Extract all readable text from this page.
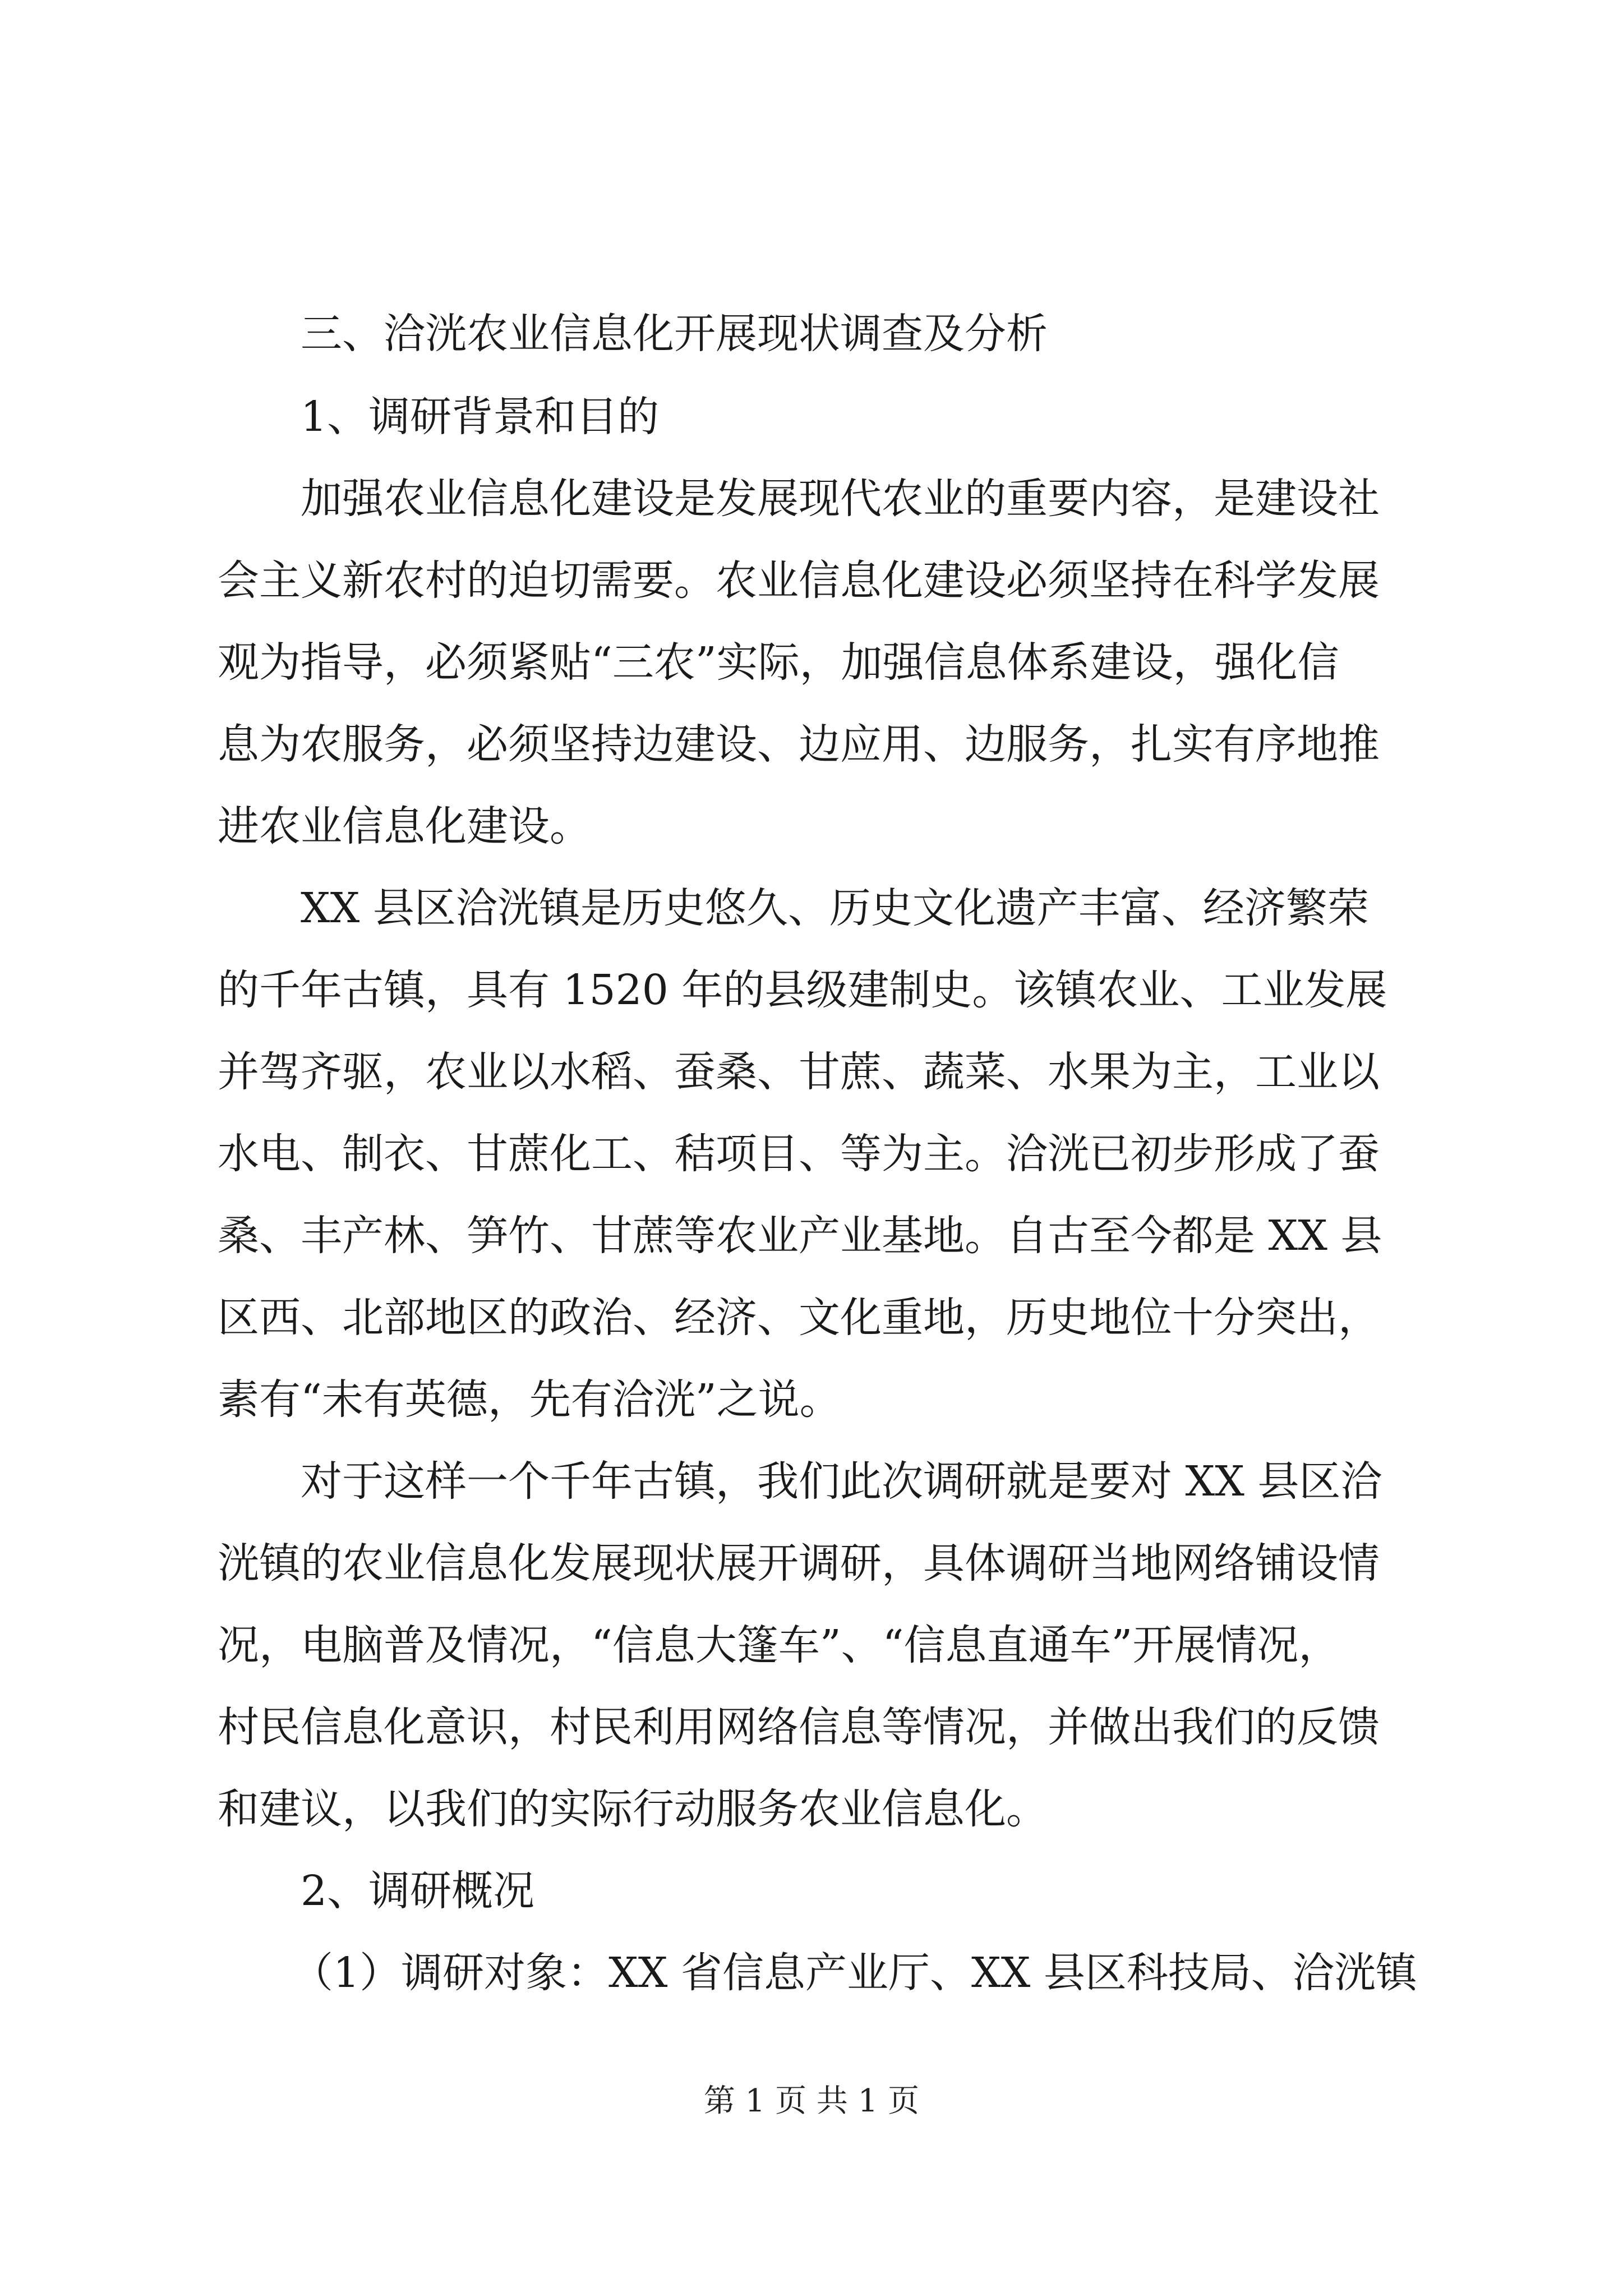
三、洽洸农业信息化开展现状调查及分析
1、调研背景和目的
加强农业信息化建设是发展现代农业的重要内容，是建设社
会主义新农村的迫切需要。农业信息化建设必须坚持在科学发展
观为指导，必须紧贴“三农”实际，加强信息体系建设，强化信
息为农服务，必须坚持边建设、边应用、边服务，扎实有序地推
进农业信息化建设。
XX 县区洽洸镇是历史悠久、历史文化遗产丰富、经济繁荣
的千年古镇，具有 1520 年的县级建制史。该镇农业、工业发展
并驾齐驱，农业以水稻、蚕桑、甘蔗、蔬菜、水果为主，工业以
水电、制衣、甘蔗化工、秸项目、等为主。洽洸已初步形成了蚕
桑、丰产林、笋竹、甘蔗等农业产业基地。自古至今都是 XX 县
区西、北部地区的政治、经济、文化重地，历史地位十分突出，
素有“未有英德，先有洽洸”之说。
对于这样一个千年古镇，我们此次调研就是要对 XX 县区洽
洸镇的农业信息化发展现状展开调研，具体调研当地网络铺设情
况，电脑普及情况，“信息大篷车”、“信息直通车”开展情况，
村民信息化意识，村民利用网络信息等情况，并做出我们的反馈
和建议，以我们的实际行动服务农业信息化。
2、调研概况
（1）调研对象：XX 省信息产业厅、XX 县区科技局、洽洸镇
第 1 页 共 1 页
